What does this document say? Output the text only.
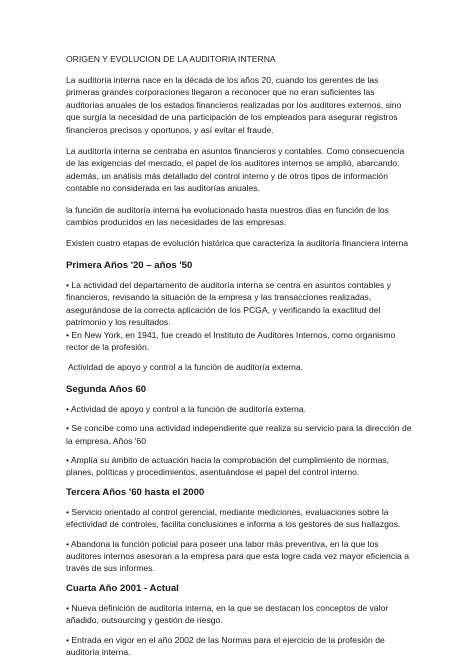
ORIGEN Y EVOLUCION DE LA AUDITORIA INTERNA

La auditoría interna nace en la década de los años 20, cuando los gerentes de las primeras grandes corporaciones llegaron a reconocer que no eran suficientes las auditorías anuales de los estados financieros realizadas por los auditores externos, sino que surgía la necesidad de una participación de los empleados para asegurar registros financieros precisos y oportunos, y así evitar el fraude.

La auditoría interna se centraba en asuntos financieros y contables. Como consecuencia de las exigencias del mercado, el papel de los auditores internos se amplió, abarcando, además, un análisis más detallado del control interno y de otros tipos de información contable no considerada en las auditorías anuales.

la función de auditoría interna ha evolucionado hasta nuestros días en función de los cambios producidos en las necesidades de las empresas.

Existen cuatro etapas de evolución histórica que caracteriza la auditoría financiera interna

Primera Años '20 – años '50
• La actividad del departamento de auditoría interna se centra en asuntos contables y financieros, revisando la situación de la empresa y las transacciones realizadas, asegurándose de la correcta aplicación de los PCGA, y verificando la exactitud del patrimonio y los resultados.
• En New York, en 1941, fue creado el Instituto de Auditores Internos, como organismo rector de la profesión.

Actividad de apoyo y control a la función de auditoría externa.

Segunda Años 60
• Actividad de apoyo y control a la función de auditoría externa.
• Se concibe como una actividad independiente que realiza su servicio para la dirección de la empresa. Años '60
• Amplía su ámbito de actuación hacia la comprobación del cumplimiento de normas, planes, políticas y procedimientos, asentuándose el papel del control interno.
Tercera Años '60 hasta el 2000
• Servicio orientado al control gerencial, mediante mediciones, evaluaciones sobre la efectividad de controles, facilita conclusiones e informa a los gestores de sus hallazgos.
• Abandona la función policial para poseer una labor más preventiva, en la que los auditores internos asesoran a la empresa para que esta logre cada vez mayor eficiencia a través de sus informes.
Cuarta Año 2001 - Actual
• Nueva definición de auditoría interna, en la que se destacan los conceptos de valor añadido, outsourcing y gestión de riesgo.
• Entrada en vigor en el año 2002 de las Normas para el ejercicio de la profesión de auditoría interna.
